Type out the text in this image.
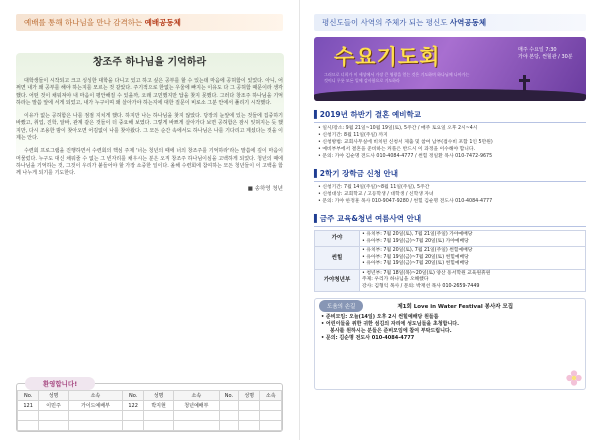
예배를 통해 하나님을 만나 감격하는 예배공동체
창조주 하나님을 기억하라

대학생들이 시작되고 크고 싱싱한 대학을 다니고 있고 하고 싶은 공부를 할 수 있는데 마음에 공허함이 있었다. 아니, 어쩌면 내가 왜 공부를 해야 하는지를 모르는 것 같았다. 주기적으로 한없는 우울에 빠지는 이유도 다 그 공허함 때문이라 생각했다. 어떤 것이 채워져야 내 마음이 평안해질 수 있을까, 오래 고민했지만 답을 찾지 못했다. 그러다 창조주 하나님을 기억하라는 말씀 앞에 서게 되었고, 내가 누구이며 왜 살아가야 하는지에 대한 질문이 비로소 그분 안에서 풀리기 시작했다.

이유가 없는 공허함은 나를 점점 지치게 했다. 하지만 나는 하나님을 찾지 않았다. 당장의 눈앞에 있는 것들에 집중하기 바빴고, 취업, 진학, 알바, 관계 같은 것들이 더 중요해 보였다. 그렇게 바쁘게 살아가다 보면 공허함은 잠시 잊혀지는 듯 했지만, 다시 조용한 밤이 찾아오면 어김없이 나를 찾아왔다. 그 모든 순간 속에서도 하나님은 나를 기다리고 계셨다는 것을 이제는 안다.

수련회 프로그램을 진행하면서 수련회의 핵심 주제 '너는 청년의 때에 너의 창조주를 기억하라'라는 말씀에 깊이 마음이 머물렀다. 누구도 대신 채워줄 수 없는 그 빈자리를 채우시는 분은 오직 창조주 하나님이심을 고백하게 되었다. 청년의 때에 하나님을 기억하는 것, 그것이 우리가 붙들어야 할 가장 소중한 일이다. 올해 수련회에 참여하는 모든 청년들이 이 고백을 함께 나누게 되기를 기도한다.

■ 송하영 청년
환영합니다!
No.	성명	소속	No.	성명	소속	No.	성명	소속
121	이민주	가이드예배부	122	박지현	청년예배부			

평신도들이 사역의 주체가 되는 평신도 사역공동체
수요기도회	매주 수요일 7:30
가야 본당, 썬힐관 / 30분
그러므로 너희가 이 세상에서 가장 큰 영광을 얻는 것은 기도하며 하나님께 나아가는 것이니 무릇 모든 일에 감사함으로 기도하라
▌2019년 하반기 결혼 예비학교
• 일시/장소: 9월 21일~10월 19일(토), 5주간 / 매주 토요일 오후 2시~4시
• 신청기간: 8월 11일(주일) 까지
• 신청방법: 교회사무실에 비치된 신청서 제출 및 참여 납부(접수비 포함 1인 5만원)
• 예비부부에서 결혼을 준비하는 커플은 반드시 이 과정을 이수해야 합니다.
• 문의: 가야 김순명 전도사 010-4084-4777 / 썬힐 정일환 목사 010-7472-9675
▌2학기 장학금 신청 안내
• 신청기간: 7월 14일(주일)~8월 11일(주일), 5주간
• 신청대상: 교회학교 / 고등학생 / 대학생 / 신학생 자녀
• 문의: 가야 한정훈 목사 010-9047-9280 / 썬힐 김순명 전도사 010-4084-4777
▌금주 교육&청년 여름사역 안내
가야	• 유치부: 7월 20일(토), 7월 21일(주일) 가야예배당
• 유아부: 7월 19일(금)~7월 20일(토) 가야예배당

썬힐	• 유치부: 7월 20일(토), 7월 21일(주일) 썬힐예배당
• 유아부: 7월 19일(금)~7월 20일(토) 썬힐예배당
• 유아부: 7월 19일(금)~7월 20일(토) 썬힐예배당

가야청년부	• 청년부: 7월 18일(목)~20일(토) 양산 동서학원 교육원휴원
주제: 우리가 하나님을 오해했다
강사: 김형익 목사 / 문의: 박재선 목사 010-2659-7449
도움의 손길	제1회 Love in Water Festival 봉사자 모집
• 준비모임: 오늘(14일) 오후 2시 썬힐예배당 원들룸
• 어린이들을 위한 귀한 섬김의 자리에 성도님들을 초청합니다.
봉사를 원하시는 분들은 준비모임에 참여 부탁드립니다.
• 문의: 김순명 전도사 010-4084-4777
